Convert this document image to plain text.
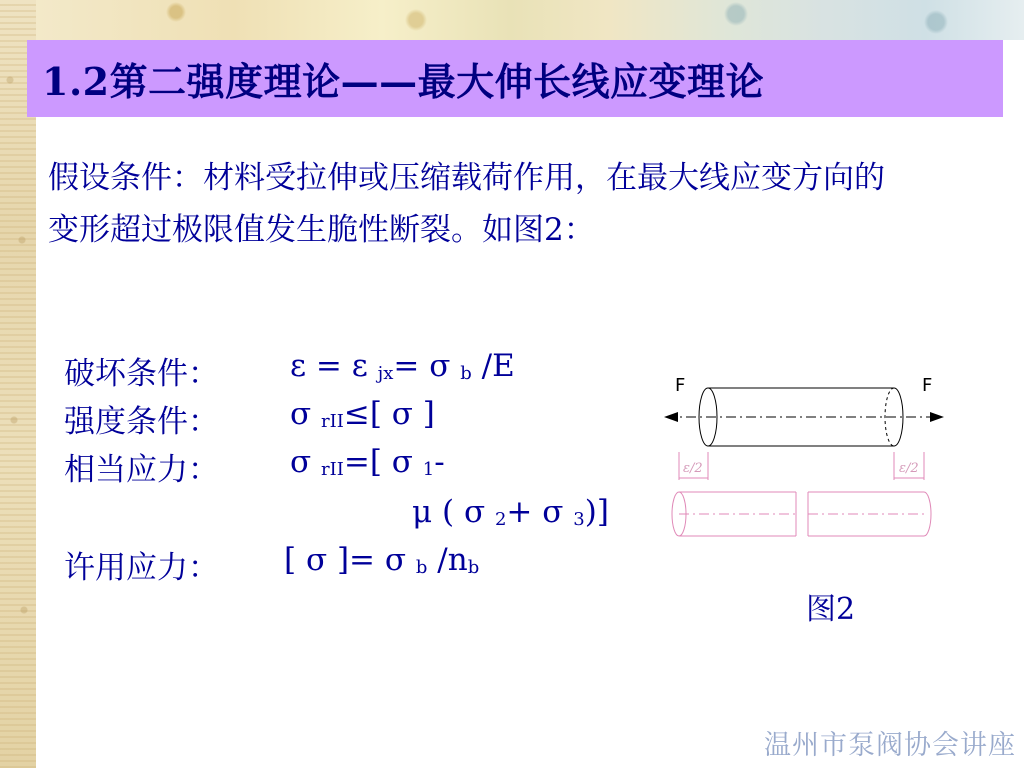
1.2第二强度理论——最大伸长线应变理论
假设条件：材料受拉伸或压缩载荷作用，在最大线应变方向的变形超过极限值发生脆性断裂。如图2：
破坏条件： ε = ε jx= σ b /E
强度条件： σ rII≤[ σ ]
相当应力： σ rII=[ σ 1-
μ ( σ 2+ σ 3)]
许用应力： [ σ ]= σ b /nb
F	F
ε/2	ε/2
图2
温州市泵阀协会讲座
